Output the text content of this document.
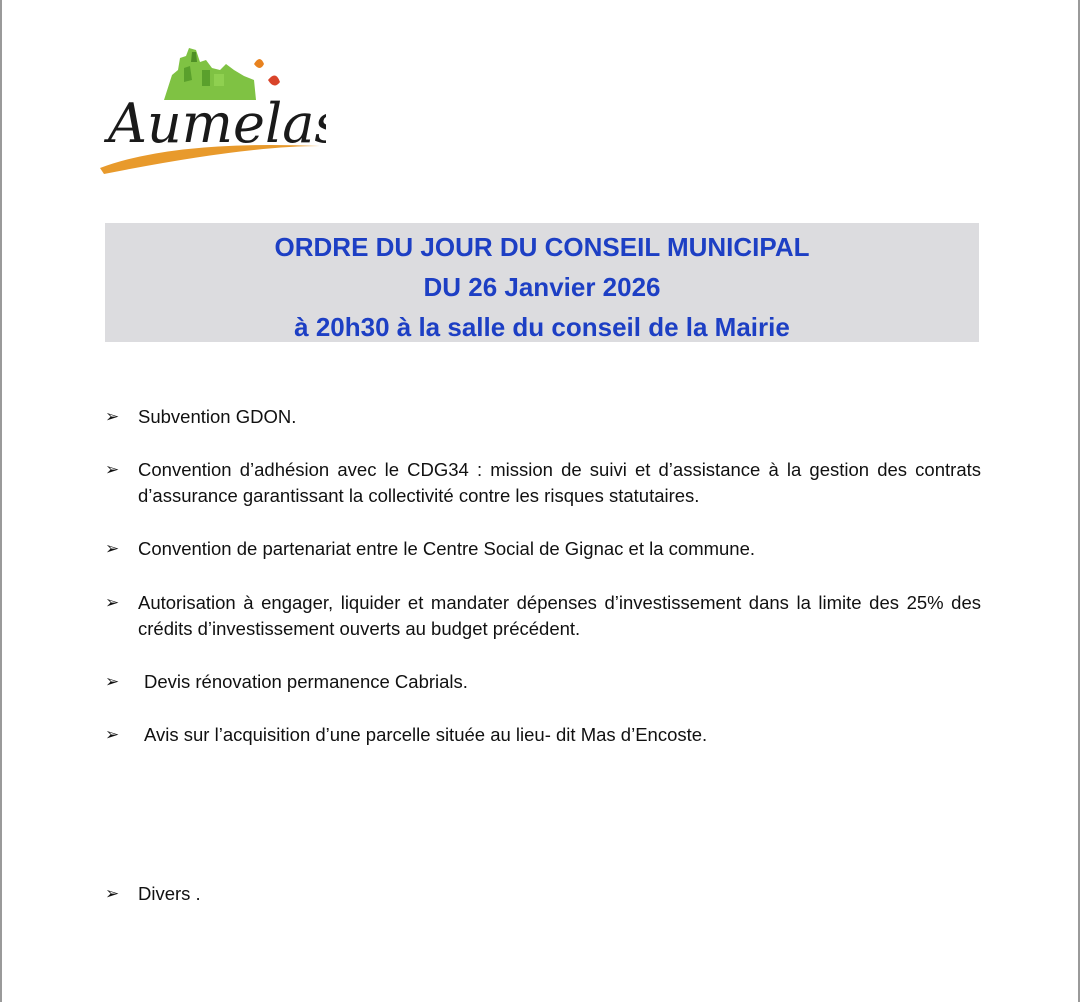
Aumelas
ORDRE DU JOUR DU CONSEIL MUNICIPAL
DU 26 Janvier 2026
à 20h30 à la salle du conseil de la Mairie
➢	Subvention GDON.
➢	Convention d’adhésion avec le CDG34 : mission de suivi et d’assistance à la gestion des contrats d’assurance garantissant la collectivité contre les risques statutaires.
➢	Convention de partenariat entre le Centre Social de Gignac et la commune.
➢	Autorisation à engager, liquider et mandater dépenses d’investissement dans la limite des 25% des crédits d’investissement ouverts au budget précédent.
➢	Devis rénovation permanence Cabrials.
➢	Avis sur l’acquisition d’une parcelle située au lieu- dit Mas d’Encoste.
➢	Divers .
